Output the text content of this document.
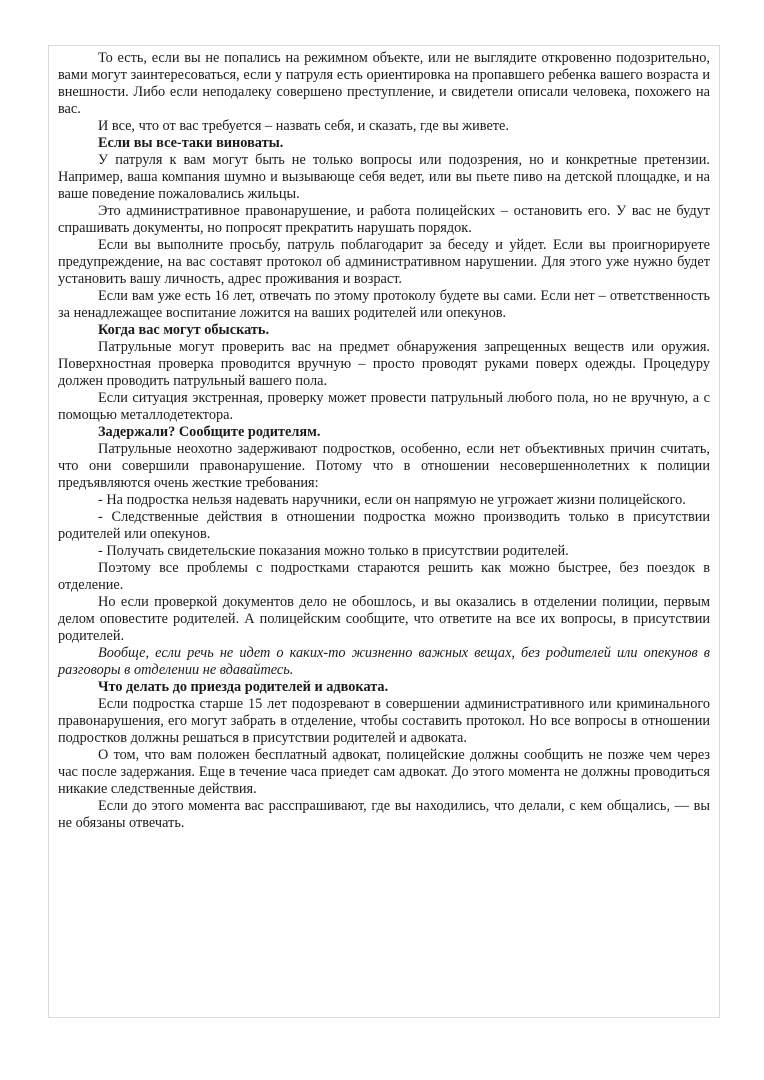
То есть, если вы не попались на режимном объекте, или не выглядите откровенно подозрительно, вами могут заинтересоваться, если у патруля есть ориентировка на пропавшего ребенка вашего возраста и внешности. Либо если неподалеку совершено преступление, и свидетели описали человека, похожего на вас.

И все, что от вас требуется – назвать себя, и сказать, где вы живете.

Если вы все-таки виноваты.

У патруля к вам могут быть не только вопросы или подозрения, но и конкретные претензии. Например, ваша компания шумно и вызывающе себя ведет, или вы пьете пиво на детской площадке, и на ваше поведение пожаловались жильцы.

Это административное правонарушение, и работа полицейских – остановить его. У вас не будут спрашивать документы, но попросят прекратить нарушать порядок.

Если вы выполните просьбу, патруль поблагодарит за беседу и уйдет. Если вы проигнорируете предупреждение, на вас составят протокол об административном нарушении. Для этого уже нужно будет установить вашу личность, адрес проживания и возраст.

Если вам уже есть 16 лет, отвечать по этому протоколу будете вы сами. Если нет – ответственность за ненадлежащее воспитание ложится на ваших родителей или опекунов.

Когда вас могут обыскать.

Патрульные могут проверить вас на предмет обнаружения запрещенных веществ или оружия. Поверхностная проверка проводится вручную – просто проводят руками поверх одежды. Процедуру должен проводить патрульный вашего пола.

Если ситуация экстренная, проверку может провести патрульный любого пола, но не вручную, а с помощью металлодетектора.

Задержали? Сообщите родителям.

Патрульные неохотно задерживают подростков, особенно, если нет объективных причин считать, что они совершили правонарушение. Потому что в отношении несовершеннолетних к полиции предъявляются очень жесткие требования:

- На подростка нельзя надевать наручники, если он напрямую не угрожает жизни полицейского.

- Следственные действия в отношении подростка можно производить только в присутствии родителей или опекунов.

- Получать свидетельские показания можно только в присутствии родителей.

Поэтому все проблемы с подростками стараются решить как можно быстрее, без поездок в отделение.

Но если проверкой документов дело не обошлось, и вы оказались в отделении полиции, первым делом оповестите родителей. А полицейским сообщите, что ответите на все их вопросы, в присутствии родителей.

Вообще, если речь не идет о каких-то жизненно важных вещах, без родителей или опекунов в разговоры в отделении не вдавайтесь.

Что делать до приезда родителей и адвоката.

Если подростка старше 15 лет подозревают в совершении административного или криминального правонарушения, его могут забрать в отделение, чтобы составить протокол. Но все вопросы в отношении подростков должны решаться в присутствии родителей и адвоката.

О том, что вам положен бесплатный адвокат, полицейские должны сообщить не позже чем через час после задержания. Еще в течение часа приедет сам адвокат. До этого момента не должны проводиться никакие следственные действия.

Если до этого момента вас расспрашивают, где вы находились, что делали, с кем общались, — вы не обязаны отвечать.
